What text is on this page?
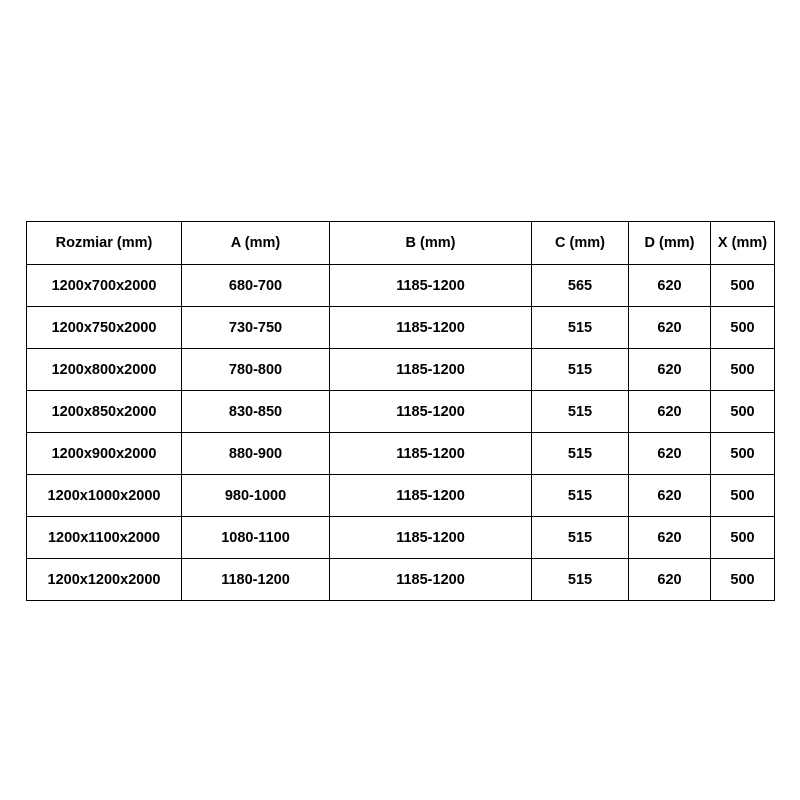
Rozmiar (mm)	A (mm)	B (mm)	C (mm)	D (mm)	X (mm)
1200x700x2000	680-700	1185-1200	565	620	500
1200x750x2000	730-750	1185-1200	515	620	500
1200x800x2000	780-800	1185-1200	515	620	500
1200x850x2000	830-850	1185-1200	515	620	500
1200x900x2000	880-900	1185-1200	515	620	500
1200x1000x2000	980-1000	1185-1200	515	620	500
1200x1100x2000	1080-1100	1185-1200	515	620	500
1200x1200x2000	1180-1200	1185-1200	515	620	500
